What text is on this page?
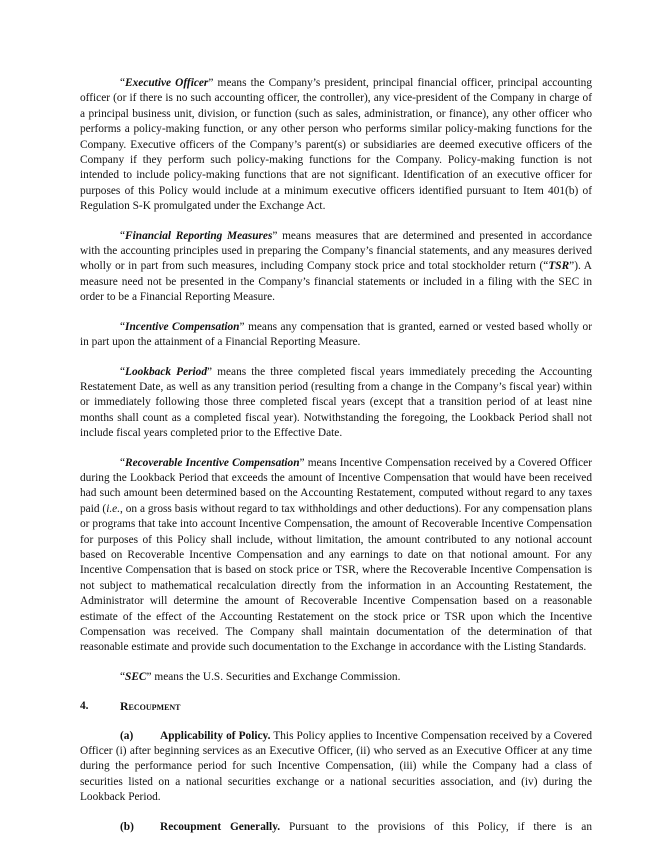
“Executive Officer” means the Company’s president, principal financial officer, principal accounting officer (or if there is no such accounting officer, the controller), any vice-president of the Company in charge of a principal business unit, division, or function (such as sales, administration, or finance), any other officer who performs a policy-making function, or any other person who performs similar policy-making functions for the Company. Executive officers of the Company’s parent(s) or subsidiaries are deemed executive officers of the Company if they perform such policy-making functions for the Company. Policy-making function is not intended to include policy-making functions that are not significant. Identification of an executive officer for purposes of this Policy would include at a minimum executive officers identified pursuant to Item 401(b) of Regulation S-K promulgated under the Exchange Act.

“Financial Reporting Measures” means measures that are determined and presented in accordance with the accounting principles used in preparing the Company’s financial statements, and any measures derived wholly or in part from such measures, including Company stock price and total stockholder return (“TSR”). A measure need not be presented in the Company’s financial statements or included in a filing with the SEC in order to be a Financial Reporting Measure.

“Incentive Compensation” means any compensation that is granted, earned or vested based wholly or in part upon the attainment of a Financial Reporting Measure.

“Lookback Period” means the three completed fiscal years immediately preceding the Accounting Restatement Date, as well as any transition period (resulting from a change in the Company’s fiscal year) within or immediately following those three completed fiscal years (except that a transition period of at least nine months shall count as a completed fiscal year). Notwithstanding the foregoing, the Lookback Period shall not include fiscal years completed prior to the Effective Date.

“Recoverable Incentive Compensation” means Incentive Compensation received by a Covered Officer during the Lookback Period that exceeds the amount of Incentive Compensation that would have been received had such amount been determined based on the Accounting Restatement, computed without regard to any taxes paid (i.e., on a gross basis without regard to tax withholdings and other deductions). For any compensation plans or programs that take into account Incentive Compensation, the amount of Recoverable Incentive Compensation for purposes of this Policy shall include, without limitation, the amount contributed to any notional account based on Recoverable Incentive Compensation and any earnings to date on that notional amount. For any Incentive Compensation that is based on stock price or TSR, where the Recoverable Incentive Compensation is not subject to mathematical recalculation directly from the information in an Accounting Restatement, the Administrator will determine the amount of Recoverable Incentive Compensation based on a reasonable estimate of the effect of the Accounting Restatement on the stock price or TSR upon which the Incentive Compensation was received. The Company shall maintain documentation of the determination of that reasonable estimate and provide such documentation to the Exchange in accordance with the Listing Standards.

“SEC” means the U.S. Securities and Exchange Commission.

4.	Recoupment

(a) Applicability of Policy. This Policy applies to Incentive Compensation received by a Covered Officer (i) after beginning services as an Executive Officer, (ii) who served as an Executive Officer at any time during the performance period for such Incentive Compensation, (iii) while the Company had a class of securities listed on a national securities exchange or a national securities association, and (iv) during the Lookback Period.

(b) Recoupment Generally. Pursuant to the provisions of this Policy, if there is an
